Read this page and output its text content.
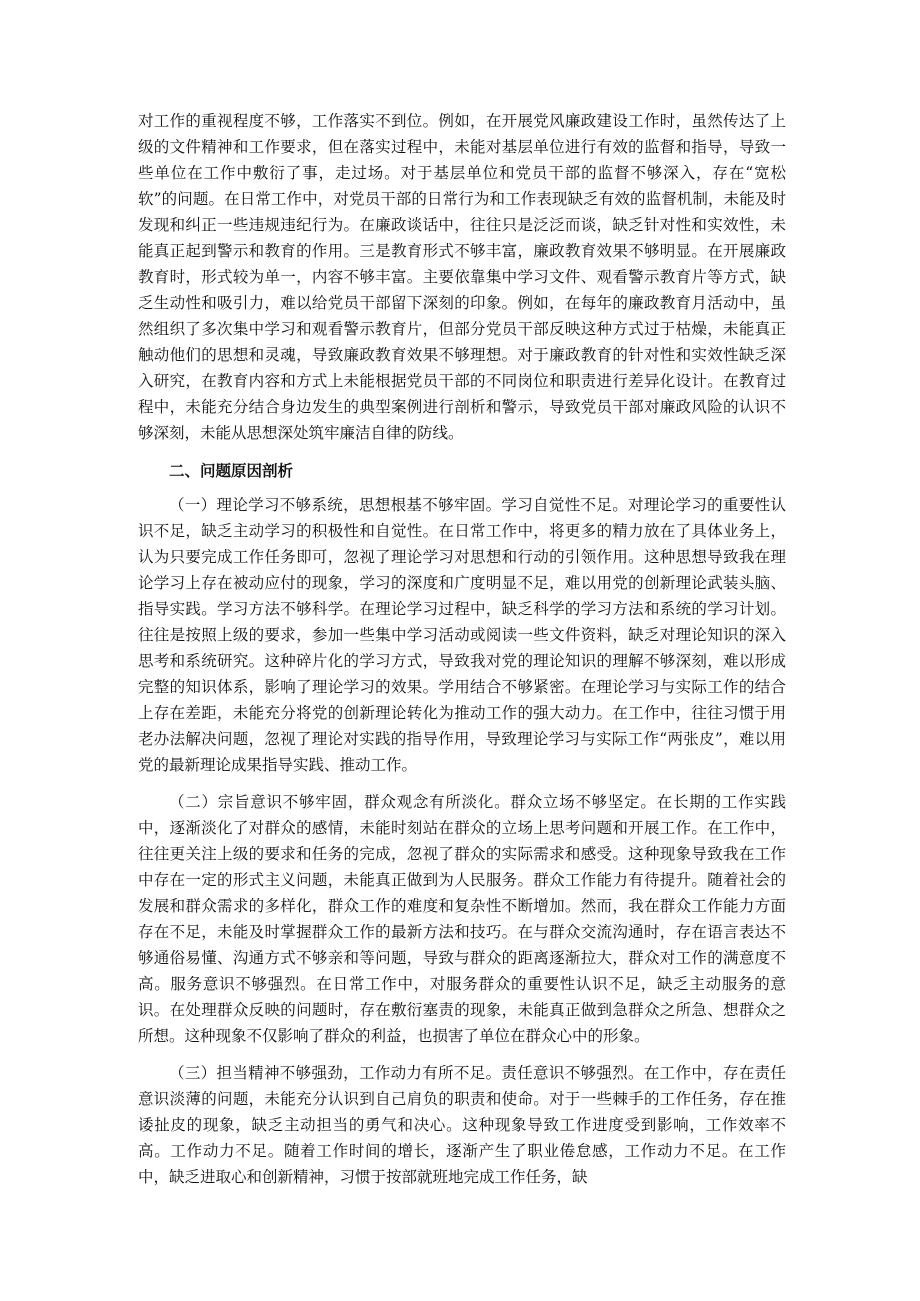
对工作的重视程度不够，工作落实不到位。例如，在开展党风廉政建设工作时，虽然传达了上级的文件精神和工作要求，但在落实过程中，未能对基层单位进行有效的监督和指导，导致一些单位在工作中敷衍了事，走过场。对于基层单位和党员干部的监督不够深入，存在“宽松软”的问题。在日常工作中，对党员干部的日常行为和工作表现缺乏有效的监督机制，未能及时发现和纠正一些违规违纪行为。在廉政谈话中，往往只是泛泛而谈，缺乏针对性和实效性，未能真正起到警示和教育的作用。三是教育形式不够丰富，廉政教育效果不够明显。在开展廉政教育时，形式较为单一，内容不够丰富。主要依靠集中学习文件、观看警示教育片等方式，缺乏生动性和吸引力，难以给党员干部留下深刻的印象。例如，在每年的廉政教育月活动中，虽然组织了多次集中学习和观看警示教育片，但部分党员干部反映这种方式过于枯燥，未能真正触动他们的思想和灵魂，导致廉政教育效果不够理想。对于廉政教育的针对性和实效性缺乏深入研究，在教育内容和方式上未能根据党员干部的不同岗位和职责进行差异化设计。在教育过程中，未能充分结合身边发生的典型案例进行剖析和警示，导致党员干部对廉政风险的认识不够深刻，未能从思想深处筑牢廉洁自律的防线。

二、问题原因剖析

（一）理论学习不够系统，思想根基不够牢固。学习自觉性不足。对理论学习的重要性认识不足，缺乏主动学习的积极性和自觉性。在日常工作中，将更多的精力放在了具体业务上，认为只要完成工作任务即可，忽视了理论学习对思想和行动的引领作用。这种思想导致我在理论学习上存在被动应付的现象，学习的深度和广度明显不足，难以用党的创新理论武装头脑、指导实践。学习方法不够科学。在理论学习过程中，缺乏科学的学习方法和系统的学习计划。往往是按照上级的要求，参加一些集中学习活动或阅读一些文件资料，缺乏对理论知识的深入思考和系统研究。这种碎片化的学习方式，导致我对党的理论知识的理解不够深刻，难以形成完整的知识体系，影响了理论学习的效果。学用结合不够紧密。在理论学习与实际工作的结合上存在差距，未能充分将党的创新理论转化为推动工作的强大动力。在工作中，往往习惯于用老办法解决问题，忽视了理论对实践的指导作用，导致理论学习与实际工作“两张皮”，难以用党的最新理论成果指导实践、推动工作。

（二）宗旨意识不够牢固，群众观念有所淡化。群众立场不够坚定。在长期的工作实践中，逐渐淡化了对群众的感情，未能时刻站在群众的立场上思考问题和开展工作。在工作中，往往更关注上级的要求和任务的完成，忽视了群众的实际需求和感受。这种现象导致我在工作中存在一定的形式主义问题，未能真正做到为人民服务。群众工作能力有待提升。随着社会的发展和群众需求的多样化，群众工作的难度和复杂性不断增加。然而，我在群众工作能力方面存在不足，未能及时掌握群众工作的最新方法和技巧。在与群众交流沟通时，存在语言表达不够通俗易懂、沟通方式不够亲和等问题，导致与群众的距离逐渐拉大，群众对工作的满意度不高。服务意识不够强烈。在日常工作中，对服务群众的重要性认识不足，缺乏主动服务的意识。在处理群众反映的问题时，存在敷衍塞责的现象，未能真正做到急群众之所急、想群众之所想。这种现象不仅影响了群众的利益，也损害了单位在群众心中的形象。

（三）担当精神不够强劲，工作动力有所不足。责任意识不够强烈。在工作中，存在责任意识淡薄的问题，未能充分认识到自己肩负的职责和使命。对于一些棘手的工作任务，存在推诿扯皮的现象，缺乏主动担当的勇气和决心。这种现象导致工作进度受到影响，工作效率不高。工作动力不足。随着工作时间的增长，逐渐产生了职业倦怠感，工作动力不足。在工作中，缺乏进取心和创新精神，习惯于按部就班地完成工作任务，缺
